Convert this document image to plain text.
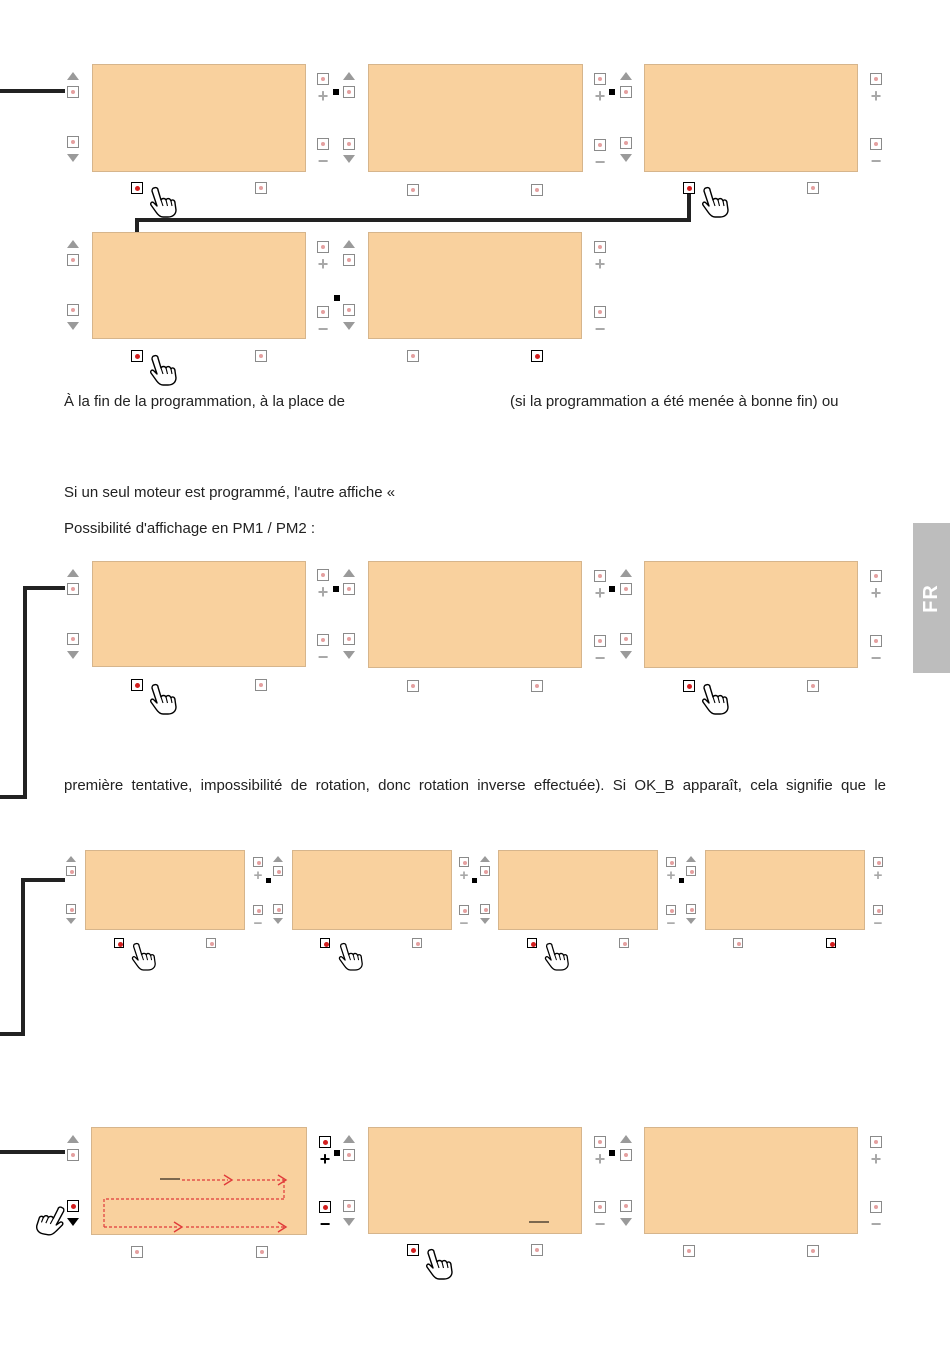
+
−
+
−
+
−
+
−
+
−
À la fin de la programmation, à la place de	(si la programmation a été menée à bonne fin) ou
Si un seul moteur est programmé, l'autre affiche «
Possibilité d'affichage en PM1 / PM2 :
FR
+
−
+
−
+
−
première tentative, impossibilité de rotation, donc rotation inverse effectuée). Si OK_B apparaît, cela signifie que le
+
−
+
−
+
−
+
−
+
−
+
−
+
−
